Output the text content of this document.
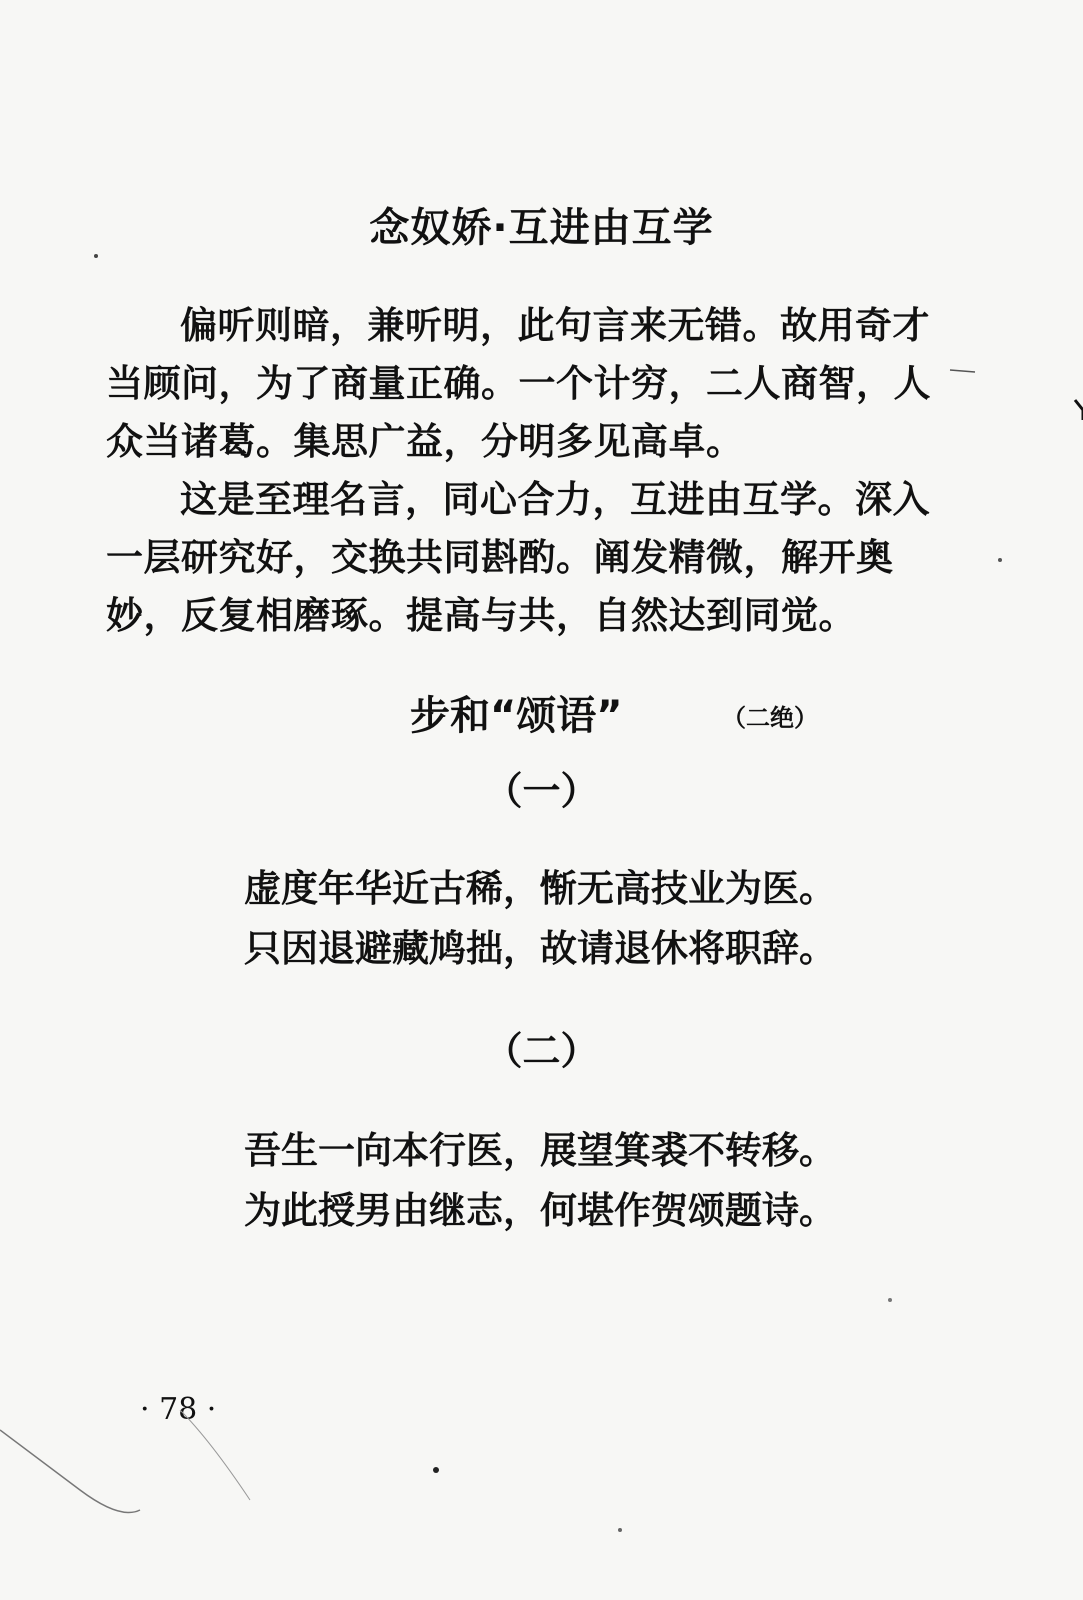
念奴娇·互进由互学

偏听则暗，兼听明，此句言来无错。故用奇才当顾问，为了商量正确。一个计穷，二人商智，人众当诸葛。集思广益，分明多见高卓。

这是至理名言，同心合力，互进由互学。深入一层研究好，交换共同斟酌。阐发精微，解开奥妙，反复相磨琢。提高与共，自然达到同觉。

步和“颂语”	（二绝）
（一）
虚度年华近古稀，惭无高技业为医。
只因退避藏鸠拙，故请退休将职辞。
（二）
吾生一向本行医，展望箕裘不转移。
为此授男由继志，何堪作贺颂题诗。
· 78 ·
